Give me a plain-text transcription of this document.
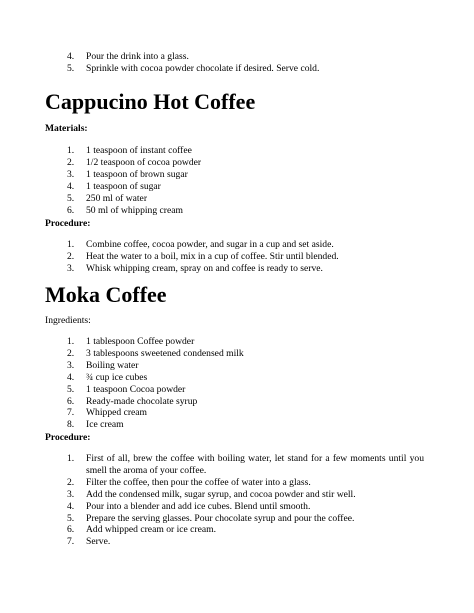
4. Pour the drink into a glass.
5. Sprinkle with cocoa powder chocolate if desired. Serve cold.
Cappucino Hot Coffee
Materials:
1. 1 teaspoon of instant coffee
2. 1/2 teaspoon of cocoa powder
3. 1 teaspoon of brown sugar
4. 1 teaspoon of sugar
5. 250 ml of water
6. 50 ml of whipping cream
Procedure:
1. Combine coffee, cocoa powder, and sugar in a cup and set aside.
2. Heat the water to a boil, mix in a cup of coffee. Stir until blended.
3. Whisk whipping cream, spray on and coffee is ready to serve.
Moka Coffee
Ingredients:
1. 1 tablespoon Coffee powder
2. 3 tablespoons sweetened condensed milk
3. Boiling water
4. ¾ cup ice cubes
5. 1 teaspoon Cocoa powder
6. Ready-made chocolate syrup
7. Whipped cream
8. Ice cream
Procedure:
1. First of all, brew the coffee with boiling water, let stand for a few moments until you smell the aroma of your coffee.
2. Filter the coffee, then pour the coffee of water into a glass.
3. Add the condensed milk, sugar syrup, and cocoa powder and stir well.
4. Pour into a blender and add ice cubes. Blend until smooth.
5. Prepare the serving glasses. Pour chocolate syrup and pour the coffee.
6. Add whipped cream or ice cream.
7. Serve.
